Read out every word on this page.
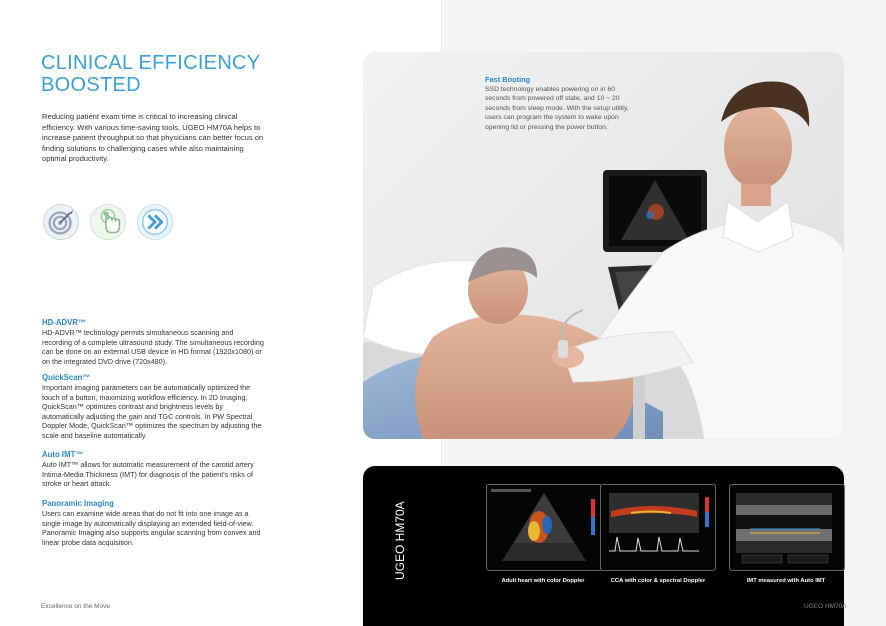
CLINICAL EFFICIENCY
BOOSTED

Reducing patient exam time is critical to increasing clinical efficiency. With various time-saving tools, UGEO HM70A helps to increase patient throughput so that physicians can better focus on finding solutions to challenging cases while also maintaining optimal productivity.

HD-ADVR™

HD-ADVR™ technology permits simultaneous scanning and recording of a complete ultrasound study. The simultaneous recording can be done on an external USB device in HD format (1920x1080) or on the integrated DVD drive (720x480).

QuickScan™

Important imaging parameters can be automatically optimized the touch of a button, maximizing workflow efficiency. In 2D Imaging, QuickScan™ optimizes contrast and brightness levels by automatically adjusting the gain and TGC controls. In PW Spectral Doppler Mode, QuickScan™ optimizes the spectrum by adjusting the scale and baseline automatically.

Auto IMT™

Auto IMT™ allows for automatic measurement of the carotid artery Intima-Media Thickness (IMT) for diagnosis of the patient's risks of stroke or heart attack.

Panoramic Imaging

Users can examine wide areas that do not fit into one image as a single image by automatically displaying an extended field-of-view. Panoramic Imaging also supports angular scanning from convex and linear probe data acquisition.

Excellence on the Move
Fast Booting

SSD technology enables powering on in 60 seconds from powered off state, and 10 ~ 20 seconds from sleep mode. With the setup utility, users can program the system to wake upon opening lid or pressing the power button.

UGEO HM70A
Adult heart with color Doppler	CCA with color & spectral Doppler	IMT measured with Auto IMT
UGEO HM70A
